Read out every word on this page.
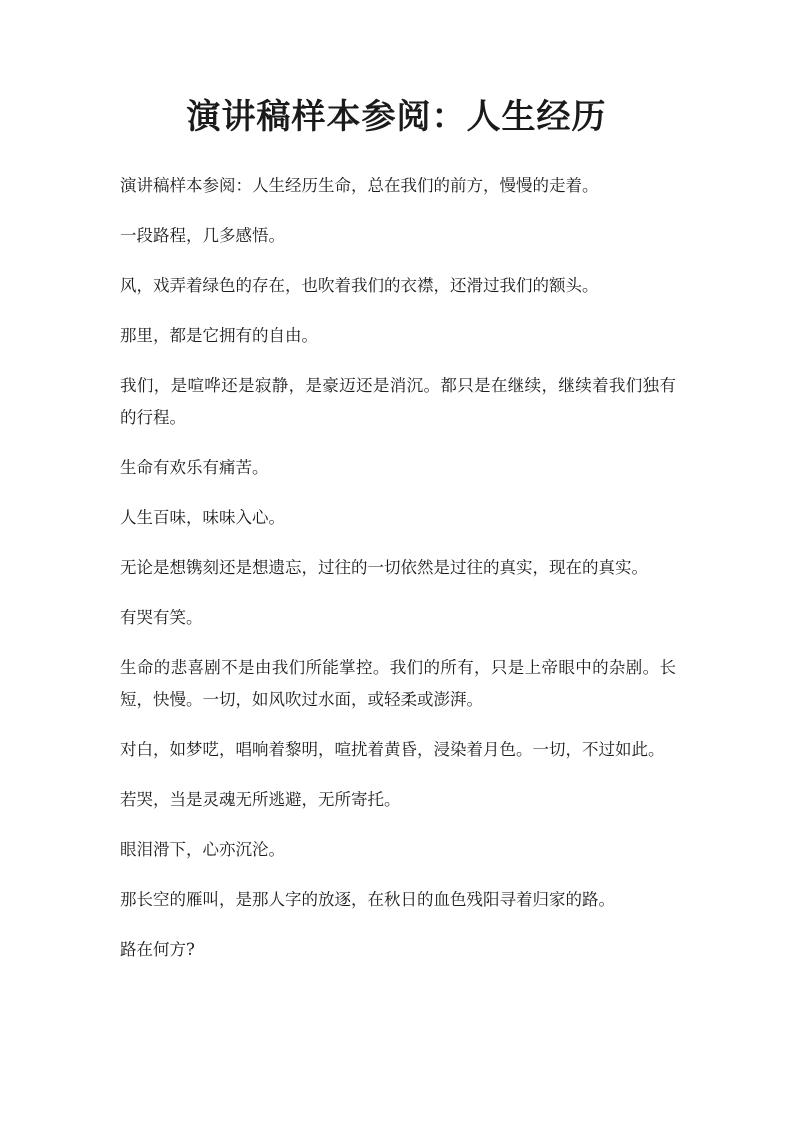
演讲稿样本参阅：人生经历

演讲稿样本参阅：人生经历生命，总在我们的前方，慢慢的走着。

一段路程，几多感悟。

风，戏弄着绿色的存在，也吹着我们的衣襟，还滑过我们的额头。

那里，都是它拥有的自由。

我们，是喧哗还是寂静，是豪迈还是消沉。都只是在继续，继续着我们独有的行程。

生命有欢乐有痛苦。

人生百味，味味入心。

无论是想镌刻还是想遗忘，过往的一切依然是过往的真实，现在的真实。

有哭有笑。

生命的悲喜剧不是由我们所能掌控。我们的所有，只是上帝眼中的杂剧。长短，快慢。一切，如风吹过水面，或轻柔或澎湃。

对白，如梦呓，唱响着黎明，喧扰着黄昏，浸染着月色。一切，不过如此。

若哭，当是灵魂无所逃避，无所寄托。

眼泪滑下，心亦沉沦。

那长空的雁叫，是那人字的放逐，在秋日的血色残阳寻着归家的路。

路在何方?
